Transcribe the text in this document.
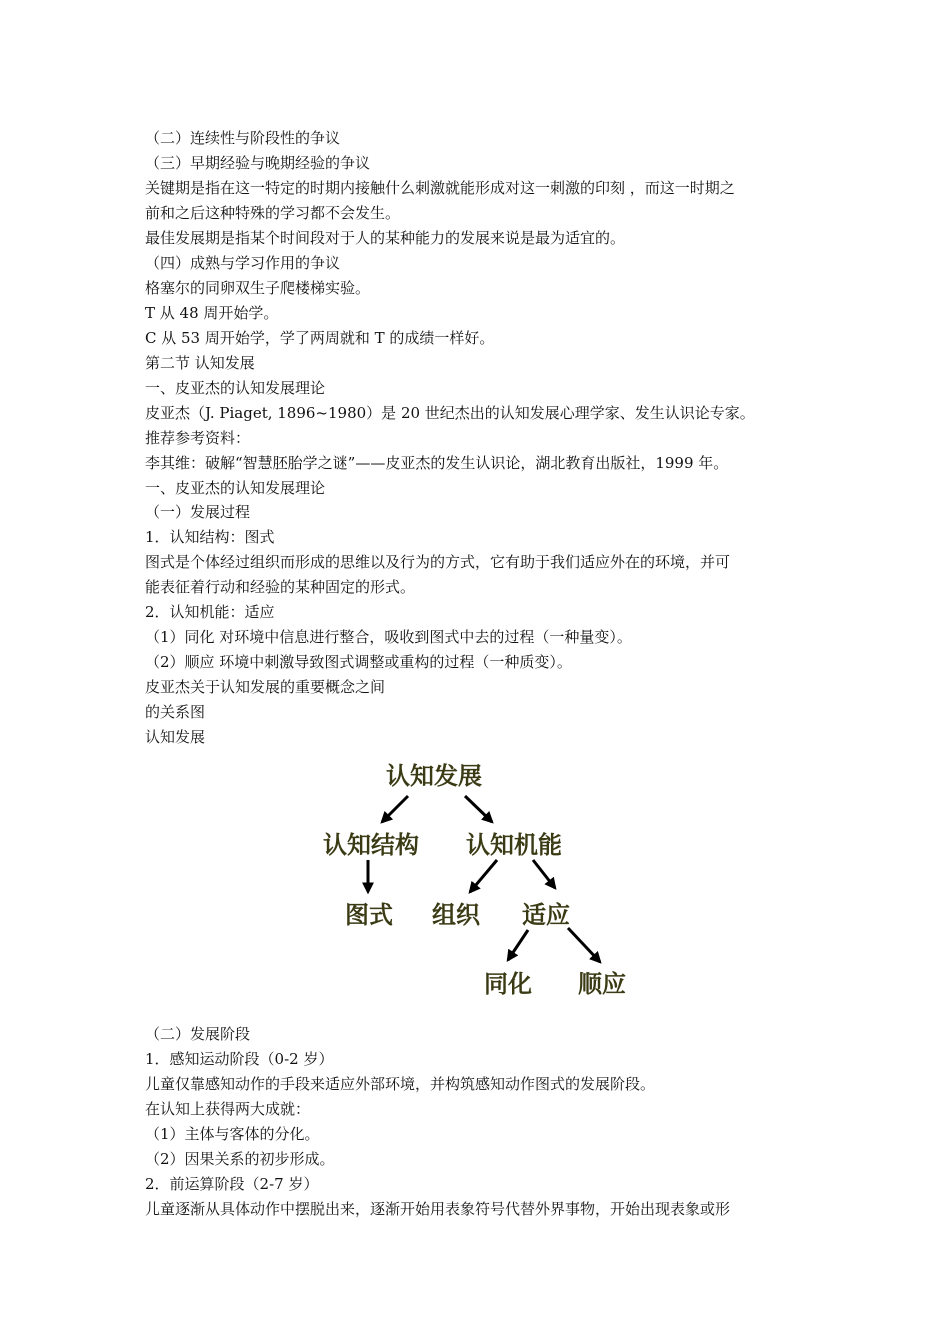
（二）连续性与阶段性的争议
（三）早期经验与晚期经验的争议
关键期是指在这一特定的时期内接触什么刺激就能形成对这一刺激的印刻 ，而这一时期之
前和之后这种特殊的学习都不会发生。
最佳发展期是指某个时间段对于人的某种能力的发展来说是最为适宜的。
（四）成熟与学习作用的争议
格塞尔的同卵双生子爬楼梯实验。
T 从 48 周开始学。
C 从 53 周开始学，学了两周就和 T 的成绩一样好。
第二节 认知发展
一、皮亚杰的认知发展理论
皮亚杰（J. Piaget, 1896~1980）是 20 世纪杰出的认知发展心理学家、发生认识论专家。
推荐参考资料：
李其维：破解“智慧胚胎学之谜”——皮亚杰的发生认识论，湖北教育出版社，1999 年。
一、皮亚杰的认知发展理论
（一）发展过程
1．认知结构：图式
图式是个体经过组织而形成的思维以及行为的方式，它有助于我们适应外在的环境，并可
能表征着行动和经验的某种固定的形式。
2．认知机能：适应
（1）同化 对环境中信息进行整合，吸收到图式中去的过程（一种量变）。
（2）顺应 环境中刺激导致图式调整或重构的过程（一种质变）。
皮亚杰关于认知发展的重要概念之间
的关系图
认知发展
认知发展
认知结构 认知机能
图式 组织 适应
同化 顺应
（二）发展阶段
1．感知运动阶段（0-2 岁）
儿童仅靠感知动作的手段来适应外部环境，并构筑感知动作图式的发展阶段。
在认知上获得两大成就：
（1）主体与客体的分化。
（2）因果关系的初步形成。
2．前运算阶段（2-7 岁）
儿童逐渐从具体动作中摆脱出来，逐渐开始用表象符号代替外界事物，开始出现表象或形
